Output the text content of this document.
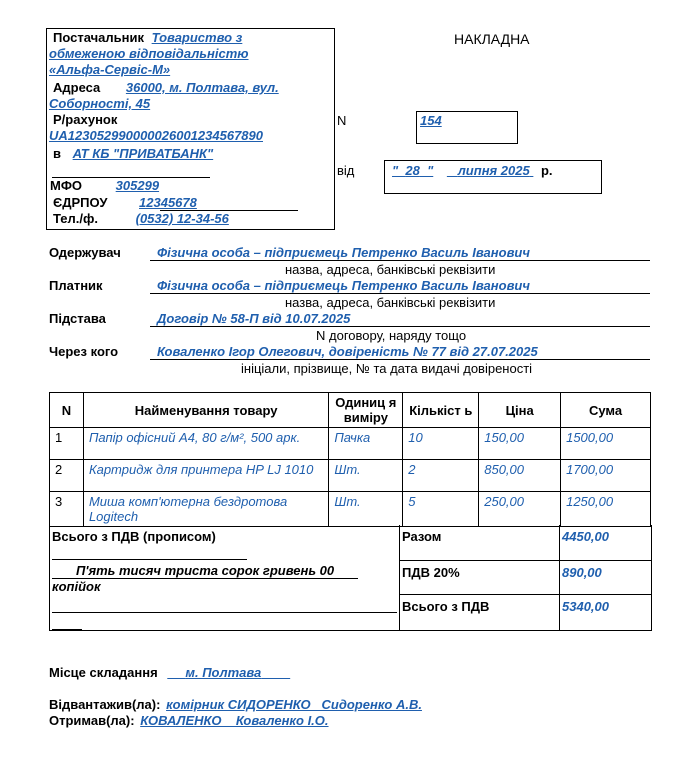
Постачальник Товариство з
обмеженою відповідальністю
«Альфа-Сервіс-М»
Адреса 36000, м. Полтава, вул.
Соборності, 45
Р/рахунок
UA123052990000026001234567890
в АТ КБ "ПРИВАТБАНК"
МФО	305299
ЄДРПОУ 12345678
Тел./ф.	(0532) 12-34-56
НАКЛАДНА
N	154
від	"  28  " липня 2025 р.
Одержувач	Фізична особа – підприємець Петренко Василь Іванович
назва, адреса, банківські реквізити
Платник	Фізична особа – підприємець Петренко Василь Іванович
назва, адреса, банківські реквізити
Підстава	Договір № 58-П від 10.07.2025
N договору, наряду тощо
Через кого	Коваленко Ігор Олегович, довіреність № 77 від 27.07.2025
ініціали, прізвище, № та дата видачі довіреності
N	Найменування товару	Одиниц я виміру	Кількіст ь	Ціна	Сума
1	Папір офісний А4, 80 г/м², 500 арк.	Пачка	10	150,00	1500,00
2	Картридж для принтера HP LJ 1010	Шт.	2	850,00	1700,00
3	Миша комп'ютерна бездротова Logitech	Шт.	5	250,00	1250,00
Всього з ПДВ (прописом)
П'ять тисяч триста сорок гривень 00 копійок
Разом	4450,00
ПДВ 20%	890,00
Всього з ПДВ	5340,00
Місце складання м. Полтава
Відвантажив(ла): комірник СИДОРЕНКО   Сидоренко А.В.
Отримав(ла): КОВАЛЕНКО    Коваленко І.О.
